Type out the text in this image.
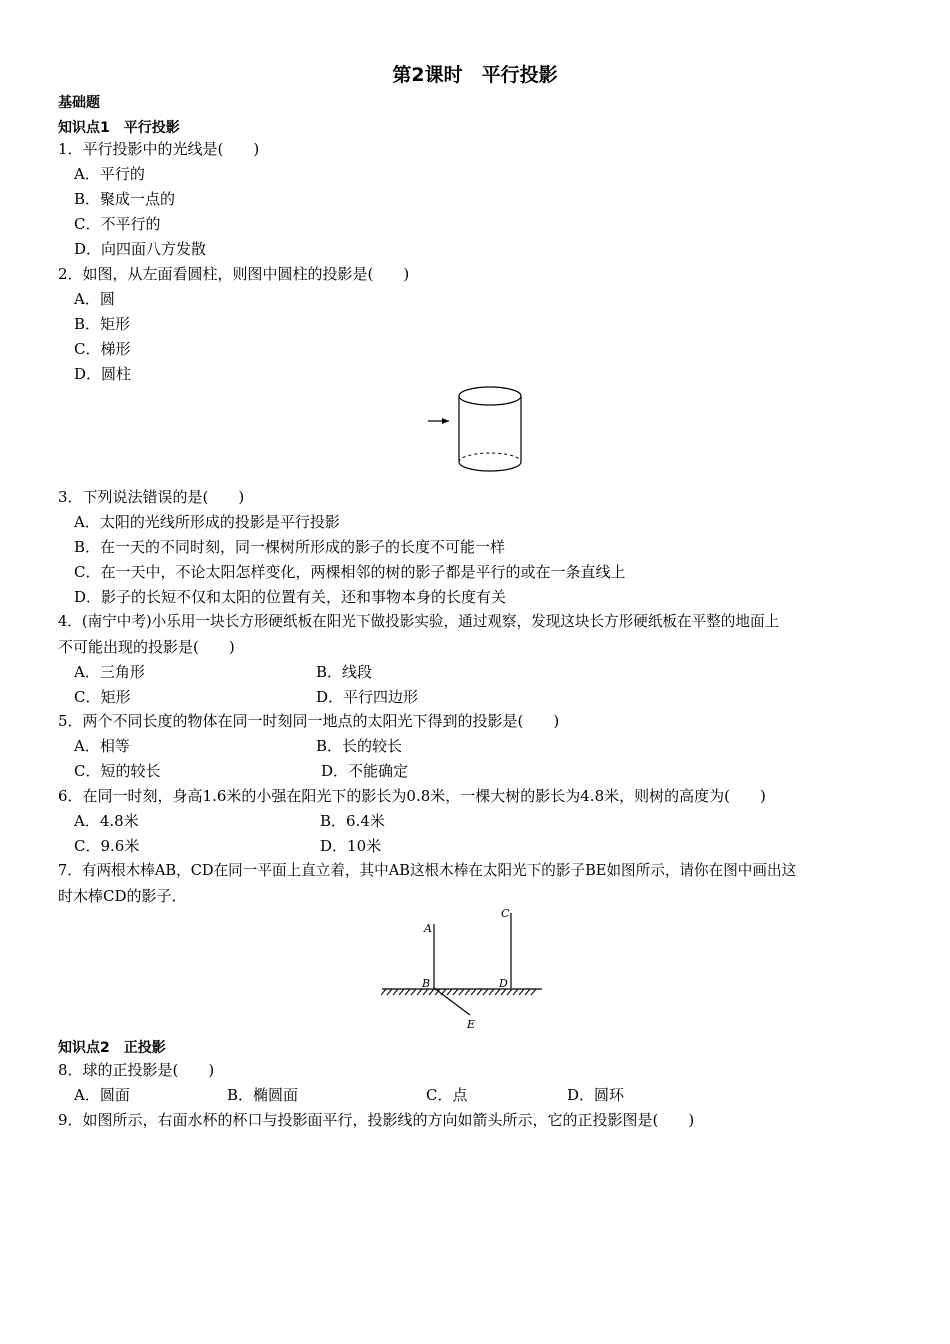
第2课时　平行投影
基础题
知识点1　平行投影
1．平行投影中的光线是(　　)
A．平行的
B．聚成一点的
C．不平行的
D．向四面八方发散
2．如图，从左面看圆柱，则图中圆柱的投影是(　　)
A．圆
B．矩形
C．梯形
D．圆柱
3．下列说法错误的是(　　)
A．太阳的光线所形成的投影是平行投影
B．在一天的不同时刻，同一棵树所形成的影子的长度不可能一样
C．在一天中，不论太阳怎样变化，两棵相邻的树的影子都是平行的或在一条直线上
D．影子的长短不仅和太阳的位置有关，还和事物本身的长度有关
4．(南宁中考)小乐用一块长方形硬纸板在阳光下做投影实验，通过观察，发现这块长方形硬纸板在平整的地面上
不可能出现的投影是(　　)
A．三角形	B．线段
C．矩形	D．平行四边形
5．两个不同长度的物体在同一时刻同一地点的太阳光下得到的投影是(　　)
A．相等	B．长的较长
C．短的较长	D．不能确定
6．在同一时刻，身高1.6米的小强在阳光下的影长为0.8米，一棵大树的影长为4.8米，则树的高度为(　　)
A．4.8米	B．6.4米
C．9.6米	D．10米
7．有两根木棒AB，CD在同一平面上直立着，其中AB这根木棒在太阳光下的影子BE如图所示，请你在图中画出这
时木棒CD的影子．
A
B
C
D
E
知识点2　正投影
8．球的正投影是(　　)
A．圆面	B．椭圆面	C．点	D．圆环
9．如图所示，右面水杯的杯口与投影面平行，投影线的方向如箭头所示，它的正投影图是(　　)
